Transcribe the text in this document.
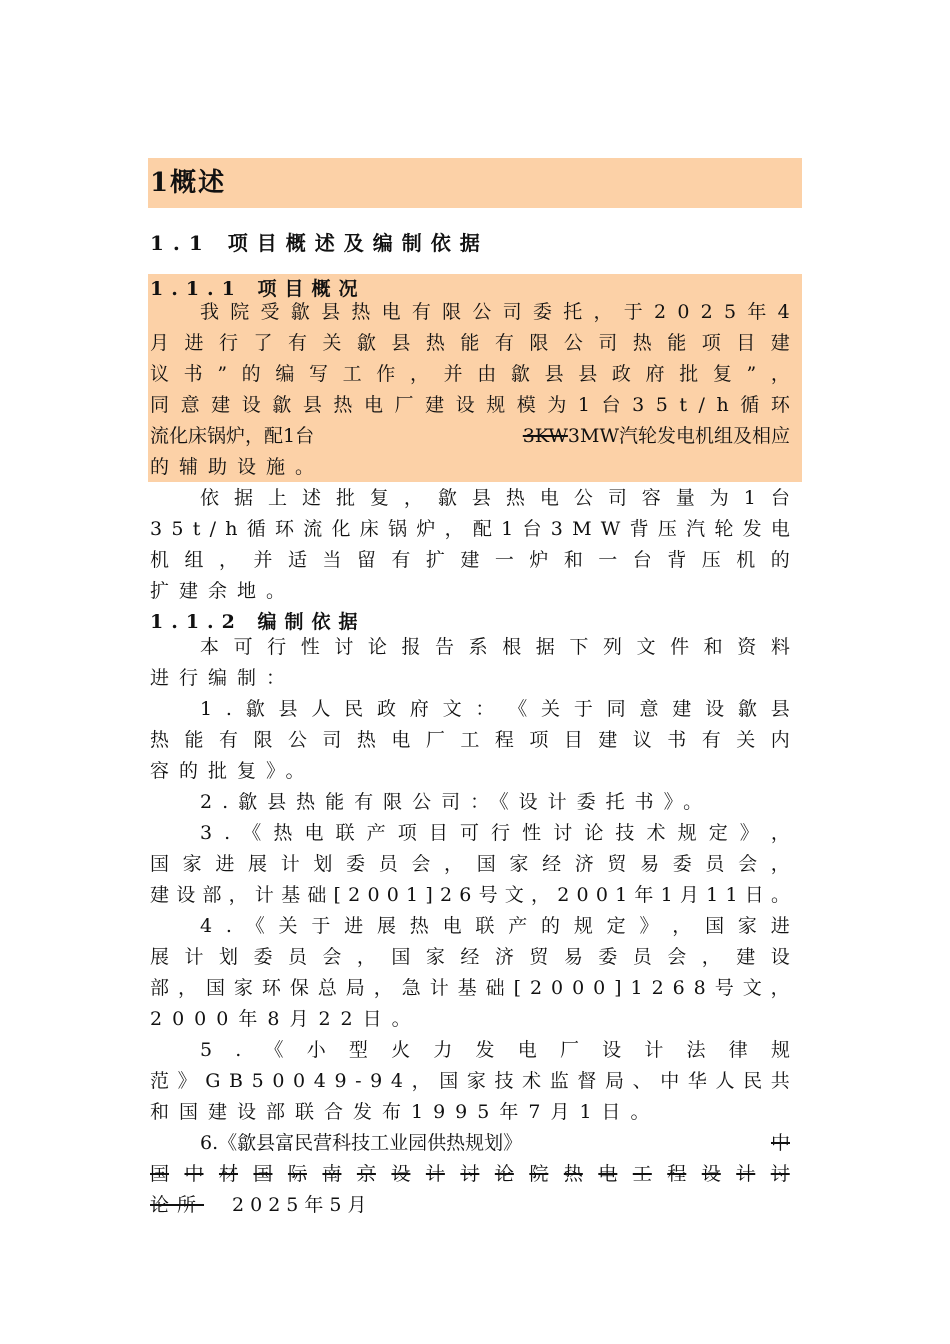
1概述
1.1 项目概述及编制依据
1.1.1 项目概况
我 院 受 歙 县 热 电 有 限 公 司 委 托 ， 于 2 0 2 5 年 4
月 进 行 了 有 关 歙 县 热 能 有 限 公 司 热 能 项 目 建
议 书 ” 的 编 写 工 作 ， 并 由 歙 县 县 政 府 批 复 ” ，
同 意 建 设 歙 县 热 电 厂 建 设 规 模 为 1 台 3 5 t / h 循 环
流化床锅炉，配1台	3KW3MW汽轮发电机组及相应
的辅助设施。
依 据 上 述 批 复 ， 歙 县 热 电 公 司 容 量 为 1 台
3 5 t / h 循 环 流 化 床 锅 炉 ， 配 1 台 3 M W 背 压 汽 轮 发 电
机 组 ， 并 适 当 留 有 扩 建 一 炉 和 一 台 背 压 机 的
扩建余地。
1.1.2 编制依据
本 可 行 性 讨 论 报 告 系 根 据 下 列 文 件 和 资 料
进行编制：
1 . 歙 县 人 民 政 府 文 ： 《 关 于 同 意 建 设 歙 县
热 能 有 限 公 司 热 电 厂 工 程 项 目 建 议 书 有 关 内
容的批复》。
2.歙县热能有限公司：《设计委托书》。
3 . 《 热 电 联 产 项 目 可 行 性 讨 论 技 术 规 定 》 ，
国 家 进 展 计 划 委 员 会 ， 国 家 经 济 贸 易 委 员 会 ，
建 设 部 ， 计 基 础 [ 2 0 0 1 ] 2 6 号 文 ， 2 0 0 1 年 1 月 1 1 日 。
4 . 《 关 于 进 展 热 电 联 产 的 规 定 》 ， 国 家 进
展 计 划 委 员 会 ， 国 家 经 济 贸 易 委 员 会 ， 建 设
部 ， 国 家 环 保 总 局 ， 急 计 基 础 [ 2 0 0 0 ] 1 2 6 8 号 文 ，
2000年8月22日。
5 . 《 小 型 火 力 发 电 厂 设 计 法 律 规
范 》 G B 5 0 0 4 9 - 9 4 ， 国 家 技 术 监 督 局 、 中 华 人 民 共
和国建设部联合发布1995年7月1日。
6.《歙县富民营科技工业园供热规划》	中
国 中 材 国 际 南 京 设 计 讨 论 院 热 电 工 程 设 计 讨
论所 2025年5月
